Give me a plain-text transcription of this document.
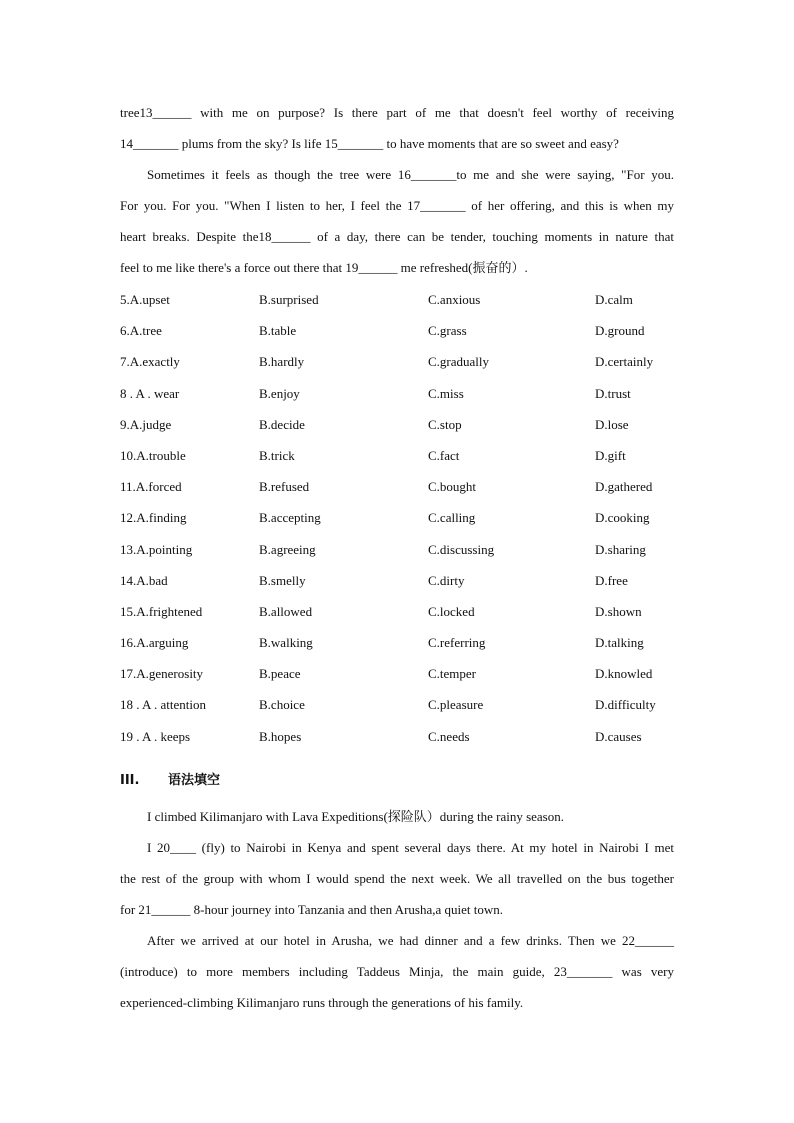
tree13______ with me on purpose? Is there part of me that doesn't feel worthy of receiving
14_______ plums from the sky? Is life 15_______ to have moments that are so sweet and easy?
Sometimes it feels as though the tree were 16_______to me and she were saying, "For you.
For you. For you. "When I listen to her, I feel the 17_______ of her offering, and this is when my
heart breaks. Despite the18______ of a day, there can be tender, touching moments in nature that
feel to me like there's a force out there that 19______ me refreshed(振奋的）.
5.A.upset	B.surprised	C.anxious	D.calm
6.A.tree	B.table	C.grass	D.ground
7.A.exactly	B.hardly	C.gradually	D.certainly
8 . A . wear	B.enjoy	C.miss	D.trust
9.A.judge	B.decide	C.stop	D.lose
10.A.trouble	B.trick	C.fact	D.gift
11.A.forced	B.refused	C.bought	D.gathered
12.A.finding	B.accepting	C.calling	D.cooking
13.A.pointing	B.agreeing	C.discussing	D.sharing
14.A.bad	B.smelly	C.dirty	D.free
15.A.frightened	B.allowed	C.locked	D.shown
16.A.arguing	B.walking	C.referring	D.talking
17.A.generosity	B.peace	C.temper	D.knowled
18 . A . attention	B.choice	C.pleasure	D.difficulty
19 . A . keeps	B.hopes	C.needs	D.causes
III. 语法填空
I climbed Kilimanjaro with Lava Expeditions(探险队）during the rainy season.
I 20____ (fly) to Nairobi in Kenya and spent several days there. At my hotel in Nairobi I met
the rest of the group with whom I would spend the next week. We all travelled on the bus together
for 21______ 8-hour journey into Tanzania and then Arusha,a quiet town.
After we arrived at our hotel in Arusha, we had dinner and a few drinks. Then we 22______
(introduce) to more members including Taddeus Minja, the main guide, 23_______ was very
experienced-climbing Kilimanjaro runs through the generations of his family.
